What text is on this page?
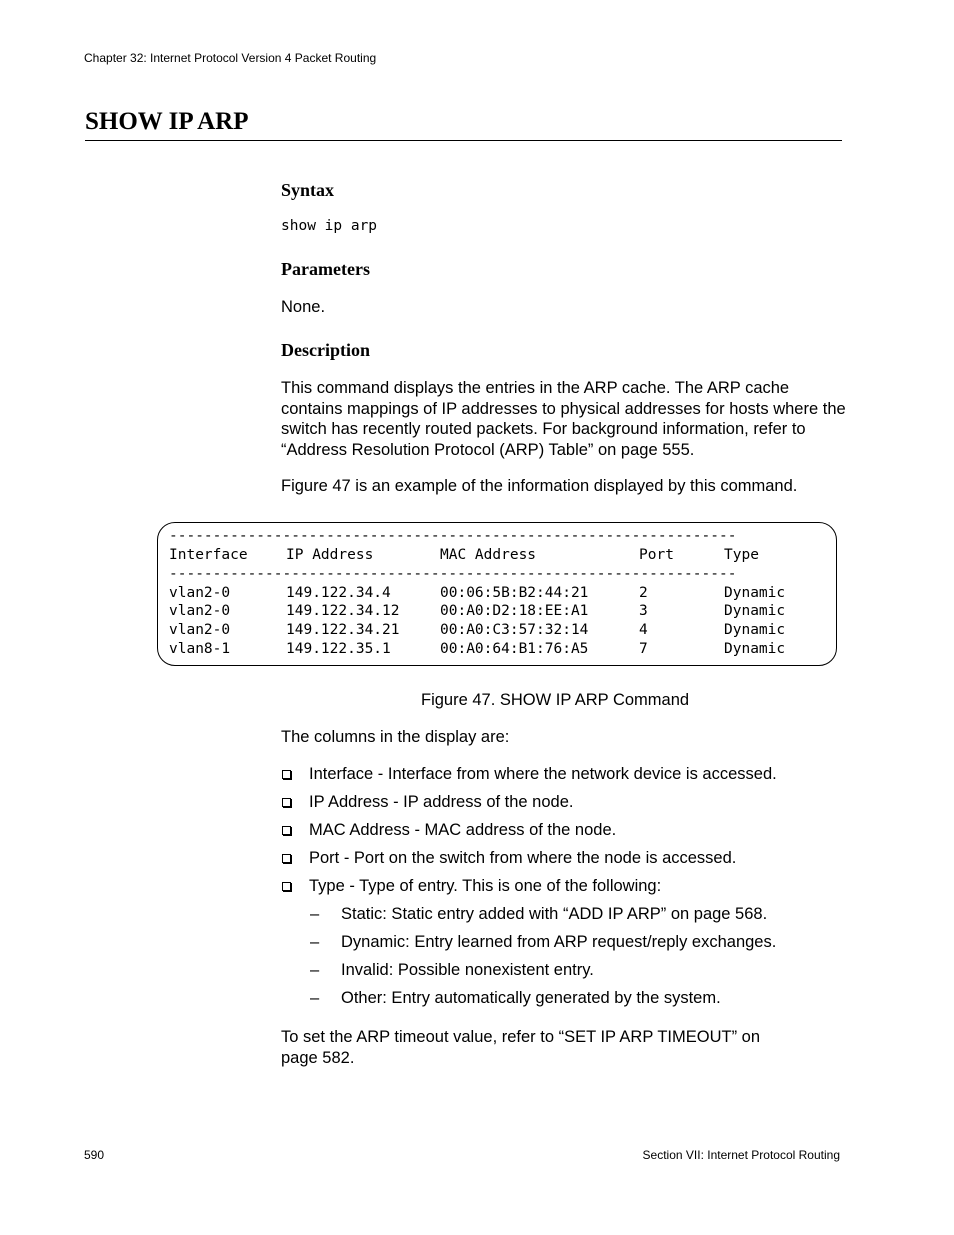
Chapter 32: Internet Protocol Version 4 Packet Routing
SHOW IP ARP
Syntax
show ip arp
Parameters
None.
Description
This command displays the entries in the ARP cache. The ARP cache contains mappings of IP addresses to physical addresses for hosts where the switch has recently routed packets. For background information, refer to “Address Resolution Protocol (ARP) Table” on page 555.
Figure 47 is an example of the information displayed by this command.
-----------------------------------------------------------------
Interface	IP Address	MAC Address	Port	Type
-----------------------------------------------------------------
vlan2-0	149.122.34.4	00:06:5B:B2:44:21	2	Dynamic
vlan2-0	149.122.34.12	00:A0:D2:18:EE:A1	3	Dynamic
vlan2-0	149.122.34.21	00:A0:C3:57:32:14	4	Dynamic
vlan8-1	149.122.35.1	00:A0:64:B1:76:A5	7	Dynamic
Figure 47. SHOW IP ARP Command
The columns in the display are:
Interface - Interface from where the network device is accessed.
IP Address - IP address of the node.
MAC Address - MAC address of the node.
Port - Port on the switch from where the node is accessed.
Type - Type of entry. This is one of the following:
– Static: Static entry added with “ADD IP ARP” on page 568.
– Dynamic: Entry learned from ARP request/reply exchanges.
– Invalid: Possible nonexistent entry.
– Other: Entry automatically generated by the system.
To set the ARP timeout value, refer to “SET IP ARP TIMEOUT” on page 582.
590	Section VII: Internet Protocol Routing
